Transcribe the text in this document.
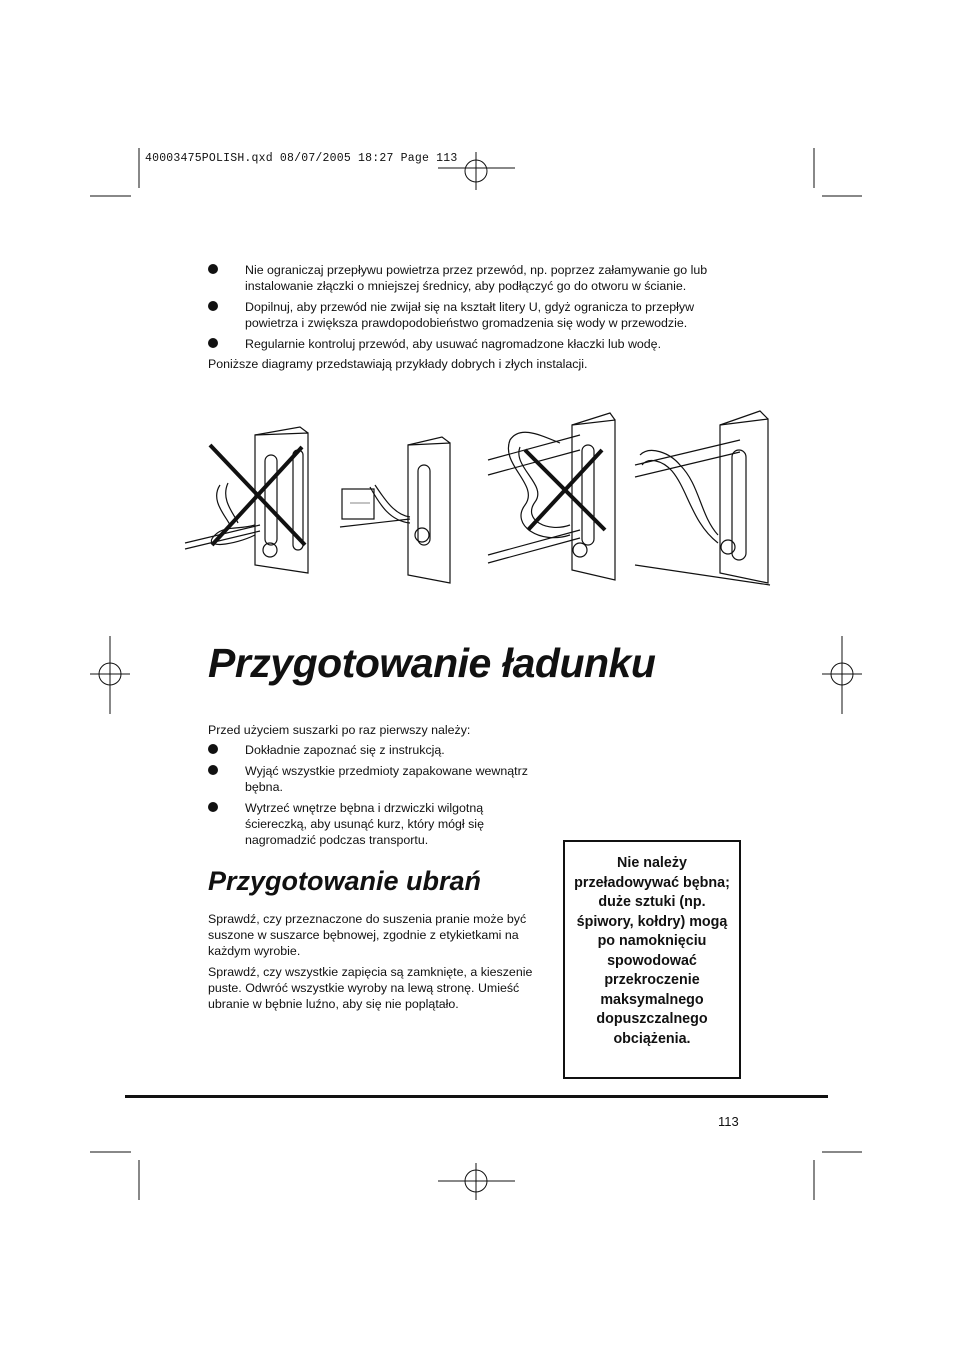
40003475POLISH.qxd 08/07/2005 18:27 Page 113
Nie ograniczaj przepływu powietrza przez przewód, np. poprzez załamywanie go lub instalowanie złączki o mniejszej średnicy, aby podłączyć go do otworu w ścianie.
Dopilnuj, aby przewód nie zwijał się na kształt litery U, gdyż ogranicza to przepływ powietrza i zwiększa prawdopodobieństwo gromadzenia się wody w przewodzie.
Regularnie kontroluj przewód, aby usuwać nagromadzone kłaczki lub wodę.
Poniższe diagramy przedstawiają przykłady dobrych i złych instalacji.
Przygotowanie ładunku
Przed użyciem suszarki po raz pierwszy należy:
Dokładnie zapoznać się z instrukcją.
Wyjąć wszystkie przedmioty zapakowane wewnątrz bębna.
Wytrzeć wnętrze bębna i drzwiczki wilgotną ściereczką, aby usunąć kurz, który mógł się nagromadzić podczas transportu.
Przygotowanie ubrań
Sprawdź, czy przeznaczone do suszenia pranie może być suszone w suszarce bębnowej, zgodnie z etykietkami na każdym wyrobie.
Sprawdź, czy wszystkie zapięcia są zamknięte, a kieszenie puste. Odwróć wszystkie wyroby na lewą stronę. Umieść ubranie w bębnie luźno, aby się nie poplątało.
Nie należy przeładowywać bębna; duże sztuki (np. śpiwory, kołdry) mogą po namoknięciu spowodować przekroczenie maksymalnego dopuszczalnego obciążenia.
113
